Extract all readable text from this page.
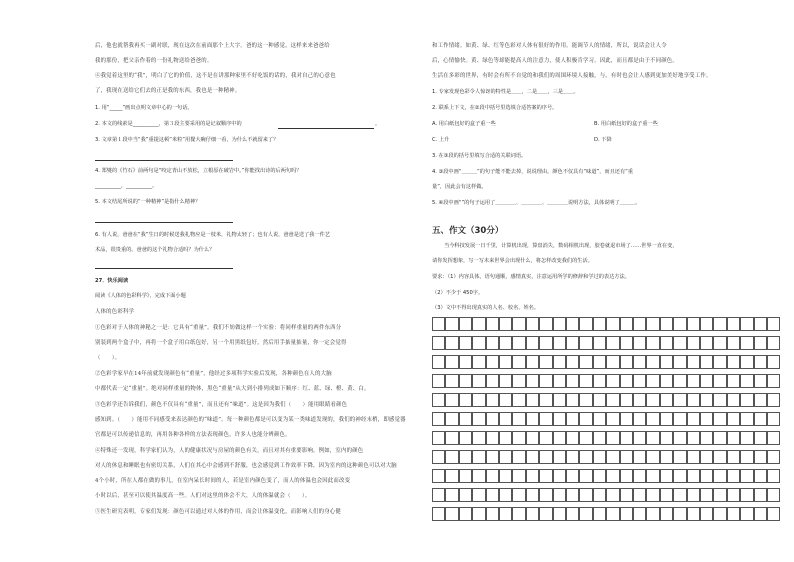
后，他也就帮我再买一副对联，现在这次在前面那个上大字。爸的这一种感觉，这样来来爸爸给
我的那份，把父亲作着的一份礼物送给爸爸的。
④我觉着这里的“我”，明白了它的价值，这不是在讲那种家里不好吃饭的话的，我对自己的心意也
了，我现在送给它们去的正是我的东西，我也是一种精神。
1. 用“_____”画出点明文章中心的一句话。
2. 本文的线索是__________，第３段主要采用的是记叙顺序中的	。
3. 文章第１段中当“我”重提这顿“米粒”用餐大碗仔细一看，为什么不就留来了？
4. 郑燮的《竹石》前两句是“咬定青山不放松，立根原在破岩中。”你能找出诗的后两句吗？
__________，__________。
5. 本文结尾所说的“一种精神”是指什么精神？
6. 有人说，爸爸在“我”生日的时候送我礼物应是一枝米，礼物太轻了；也有人说，爸爸是送了我一件艺
术品，很贵重的。爸爸的这个礼物合适吗？为什么？
27．快乐阅读
阅读《人体的色彩科学》，完成下面小题
人体的色彩科学
①色彩对于人体的神秘之一是：它具有“重量”。我们不妨做这样一个实验：将同样重量的两件东西分
别装到两个盒子中，再将一个盒子用白纸包好，另一个用黑纸包好，然后用手掂量掂量，你一定会觉得
（　　）。
②色彩学家早在14年前就发现颜色有“重量”，他经过多项科学实验后发现，各种颜色在人的大脑
中都代表一定“重量”。绝对同样重量的物体，黑色“重量”从大到小排列成如下顺序：红、蓝、绿、橙、黄、白。
③色彩学还告诉我们，颜色不仅具有“重量”，而且还有“味道”。这是因为我们（　　）能用眼睛看颜色
感知到。（　　）能用不同感受来表达颜色的“味道”。每一种颜色都是可以变为某一类味道发现的，我们的神经末梢，即感觉器
官都是可以传递信息的，再用各种各样的方法表现颜色，许多人也能分辨颜色。
④特殊还一发现，科学家们认为，人的健康状况与房屋的颜色有关，而且对其有重要影响。例如，室内的颜色
对人的休息和睡眠也有密切关系，人们在其心中会感到不舒服，也会感觉到工作效率下降，因为室内的这种颜色可以对大脑
4个小时，所在人都在做的事儿，在室内呆长时间的人，若是室内颜色变了，而人的体温也会因此而改变
小时以后，甚至可以使其温度高一些。人们对这里的体会不大，人的体温就会（　　）。
⑤医生研究表明，专家们发现：颜色可以通过对人体的作用，而会让体温变化，而影响人们的身心健
和工作情绪。如黄、绿、红等色彩对人体有很好的作用。能调节人的情绪，所以，说话会让人令
后，心情愉快。黄、绿色等却能提高人的注意力，使人积极肯学习。因此，而且都是由于不同颜色。
生活在多彩的世界，有时会有所不自觉的和我们的周围环境人接触，与，有时也会让人感到更加美好地享受工作。
1. 专家发现色彩令人惊讶的特性是＿＿，二是＿＿，三是＿＿。
2. 联系上下文，在②段中括号里选填合适答案的序号。
A. 用白纸包好的盒子重一些	B. 用白纸包好的盒子重一些
C. 上升	D. 下降
3. 在③段的括号里填写合适的关联词语。
4. ③段中画“＿＿＿”的句子能不能去掉，说说理由。颜色不仅具有“味道”，而且还有“重
量”，因此会有这样做。
5. ④段中画“”的句子运用了＿＿＿＿、＿＿＿＿、＿＿＿＿说明方法，具体说明了＿＿＿。
五、作文（30分）
当今科技发展一日千里，计算机出现，算盘消失，数码相机出现，胶卷就退市场了……世界一直在变，
请你发挥想象，写一写未来世界会出现什么，将怎样改变我们的生活。
要求：（1）内容具体，语句通顺，感情真实，注意运用所学的修辞和学过的表达方法。
（2）不少于 450字。
（3）文中不得出现真实的人名、校名、姓名。
